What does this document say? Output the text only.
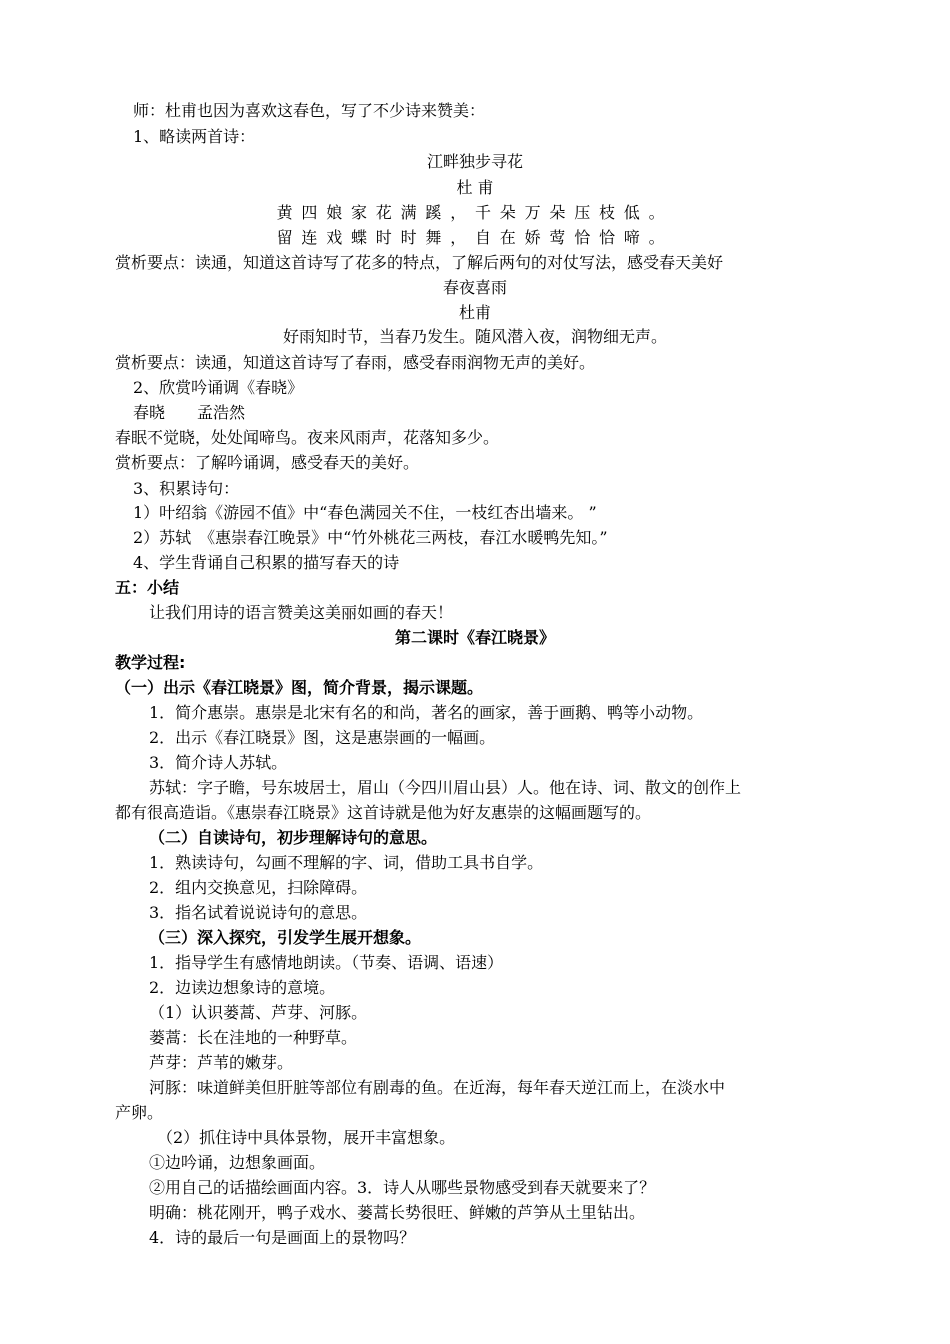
师：杜甫也因为喜欢这春色，写了不少诗来赞美：
1、略读两首诗：
江畔独步寻花
杜 甫
黄四娘家花满蹊，千朵万朵压枝低。
留连戏蝶时时舞，自在娇莺恰恰啼。
赏析要点：读通，知道这首诗写了花多的特点，了解后两句的对仗写法，感受春天美好
春夜喜雨
杜甫
好雨知时节，当春乃发生。随风潜入夜，润物细无声。
赏析要点：读通，知道这首诗写了春雨，感受春雨润物无声的美好。
2、欣赏吟诵调《春晓》
春晓　　孟浩然
春眠不觉晓，处处闻啼鸟。夜来风雨声，花落知多少。
赏析要点：了解吟诵调，感受春天的美好。
3、积累诗句：
1）叶绍翁《游园不值》中“春色满园关不住，一枝红杏出墙来。 ”
2）苏轼　《惠崇春江晚景》中“竹外桃花三两枝，春江水暖鸭先知。”
4、学生背诵自己积累的描写春天的诗
五：小结
让我们用诗的语言赞美这美丽如画的春天！
第二课时《春江晓景》
教学过程:
（一）出示《春江晓景》图，简介背景，揭示课题。
1．简介惠崇。惠崇是北宋有名的和尚，著名的画家，善于画鹅、鸭等小动物。
2．出示《春江晓景》图，这是惠崇画的一幅画。
3．简介诗人苏轼。
苏轼：字子瞻，号东坡居士，眉山（今四川眉山县）人。他在诗、词、散文的创作上
都有很高造诣。《惠崇春江晓景》这首诗就是他为好友惠崇的这幅画题写的。
（二）自读诗句，初步理解诗句的意思。
1．熟读诗句，勾画不理解的字、词，借助工具书自学。
2．组内交换意见，扫除障碍。
3．指名试着说说诗句的意思。
（三）深入探究，引发学生展开想象。
1．指导学生有感情地朗读。（节奏、语调、语速）
2．边读边想象诗的意境。
（1）认识蒌蒿、芦芽、河豚。
蒌蒿：长在洼地的一种野草。
芦芽：芦苇的嫩芽。
河豚：味道鲜美但肝脏等部位有剧毒的鱼。在近海，每年春天逆江而上，在淡水中
产卵。
（2）抓住诗中具体景物，展开丰富想象。
①边吟诵，边想象画面。
②用自己的话描绘画面内容。3．诗人从哪些景物感受到春天就要来了？
明确：桃花刚开，鸭子戏水、蒌蒿长势很旺、鲜嫩的芦笋从土里钻出。
4．诗的最后一句是画面上的景物吗？
